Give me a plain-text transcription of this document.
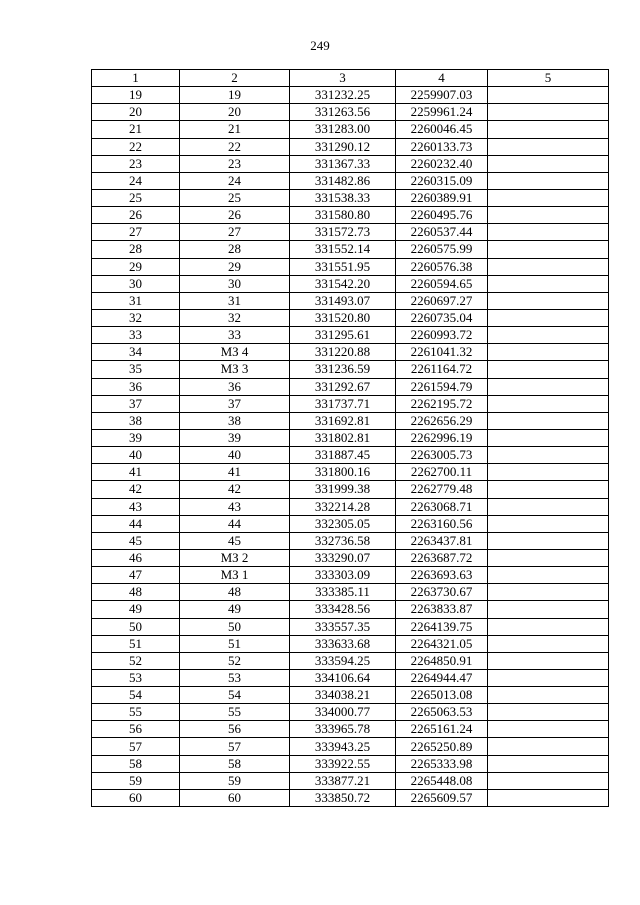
249
1	2	3	4	5
19	19	331232.25	2259907.03	
20	20	331263.56	2259961.24	
21	21	331283.00	2260046.45	
22	22	331290.12	2260133.73	
23	23	331367.33	2260232.40	
24	24	331482.86	2260315.09	
25	25	331538.33	2260389.91	
26	26	331580.80	2260495.76	
27	27	331572.73	2260537.44	
28	28	331552.14	2260575.99	
29	29	331551.95	2260576.38	
30	30	331542.20	2260594.65	
31	31	331493.07	2260697.27	
32	32	331520.80	2260735.04	
33	33	331295.61	2260993.72	
34	МЗ 4	331220.88	2261041.32	
35	МЗ 3	331236.59	2261164.72	
36	36	331292.67	2261594.79	
37	37	331737.71	2262195.72	
38	38	331692.81	2262656.29	
39	39	331802.81	2262996.19	
40	40	331887.45	2263005.73	
41	41	331800.16	2262700.11	
42	42	331999.38	2262779.48	
43	43	332214.28	2263068.71	
44	44	332305.05	2263160.56	
45	45	332736.58	2263437.81	
46	МЗ 2	333290.07	2263687.72	
47	МЗ 1	333303.09	2263693.63	
48	48	333385.11	2263730.67	
49	49	333428.56	2263833.87	
50	50	333557.35	2264139.75	
51	51	333633.68	2264321.05	
52	52	333594.25	2264850.91	
53	53	334106.64	2264944.47	
54	54	334038.21	2265013.08	
55	55	334000.77	2265063.53	
56	56	333965.78	2265161.24	
57	57	333943.25	2265250.89	
58	58	333922.55	2265333.98	
59	59	333877.21	2265448.08	
60	60	333850.72	2265609.57	
